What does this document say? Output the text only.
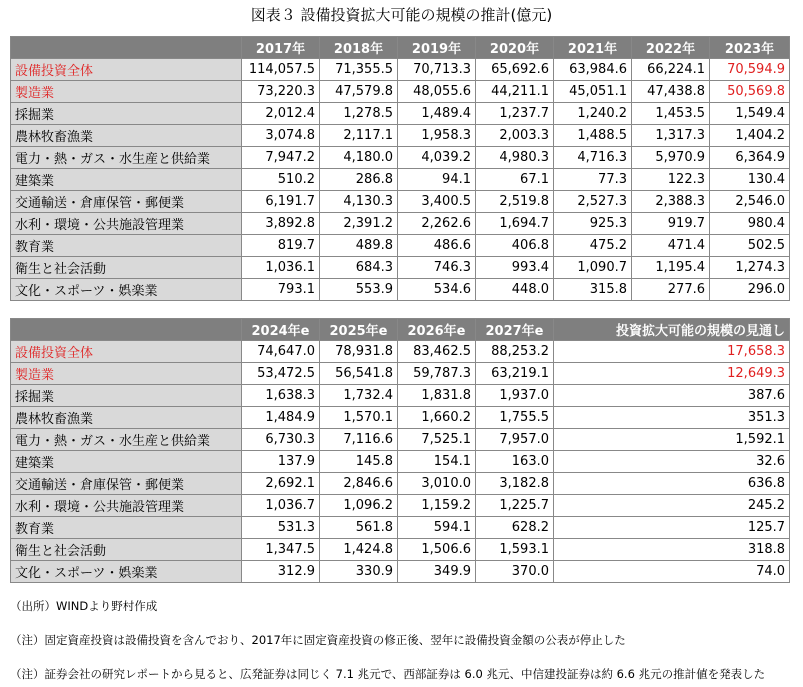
図表３ 設備投資拡大可能の規模の推計(億元)
	2017年	2018年	2019年	2020年	2021年	2022年	2023年
設備投資全体	114,057.5	71,355.5	70,713.3	65,692.6	63,984.6	66,224.1	70,594.9
製造業	73,220.3	47,579.8	48,055.6	44,211.1	45,051.1	47,438.8	50,569.8
採掘業	2,012.4	1,278.5	1,489.4	1,237.7	1,240.2	1,453.5	1,549.4
農林牧畜漁業	3,074.8	2,117.1	1,958.3	2,003.3	1,488.5	1,317.3	1,404.2
電力・熱・ガス・水生産と供給業	7,947.2	4,180.0	4,039.2	4,980.3	4,716.3	5,970.9	6,364.9
建築業	510.2	286.8	94.1	67.1	77.3	122.3	130.4
交通輸送・倉庫保管・郵便業	6,191.7	4,130.3	3,400.5	2,519.8	2,527.3	2,388.3	2,546.0
水利・環境・公共施設管理業	3,892.8	2,391.2	2,262.6	1,694.7	925.3	919.7	980.4
教育業	819.7	489.8	486.6	406.8	475.2	471.4	502.5
衛生と社会活動	1,036.1	684.3	746.3	993.4	1,090.7	1,195.4	1,274.3
文化・スポーツ・娯楽業	793.1	553.9	534.6	448.0	315.8	277.6	296.0
	2024年e	2025年e	2026年e	2027年e	投資拡大可能の規模の見通し
設備投資全体	74,647.0	78,931.8	83,462.5	88,253.2	17,658.3
製造業	53,472.5	56,541.8	59,787.3	63,219.1	12,649.3
採掘業	1,638.3	1,732.4	1,831.8	1,937.0	387.6
農林牧畜漁業	1,484.9	1,570.1	1,660.2	1,755.5	351.3
電力・熱・ガス・水生産と供給業	6,730.3	7,116.6	7,525.1	7,957.0	1,592.1
建築業	137.9	145.8	154.1	163.0	32.6
交通輸送・倉庫保管・郵便業	2,692.1	2,846.6	3,010.0	3,182.8	636.8
水利・環境・公共施設管理業	1,036.7	1,096.2	1,159.2	1,225.7	245.2
教育業	531.3	561.8	594.1	628.2	125.7
衛生と社会活動	1,347.5	1,424.8	1,506.6	1,593.1	318.8
文化・スポーツ・娯楽業	312.9	330.9	349.9	370.0	74.0
（出所）WINDより野村作成
（注）固定資産投資は設備投資を含んでおり、2017年に固定資産投資の修正後、翌年に設備投資金額の公表が停止した
（注）証券会社の研究レポートから見ると、広発証券は同じく 7.1 兆元で、西部証券は 6.0 兆元、中信建投証券は約 6.6 兆元の推計値を発表した
